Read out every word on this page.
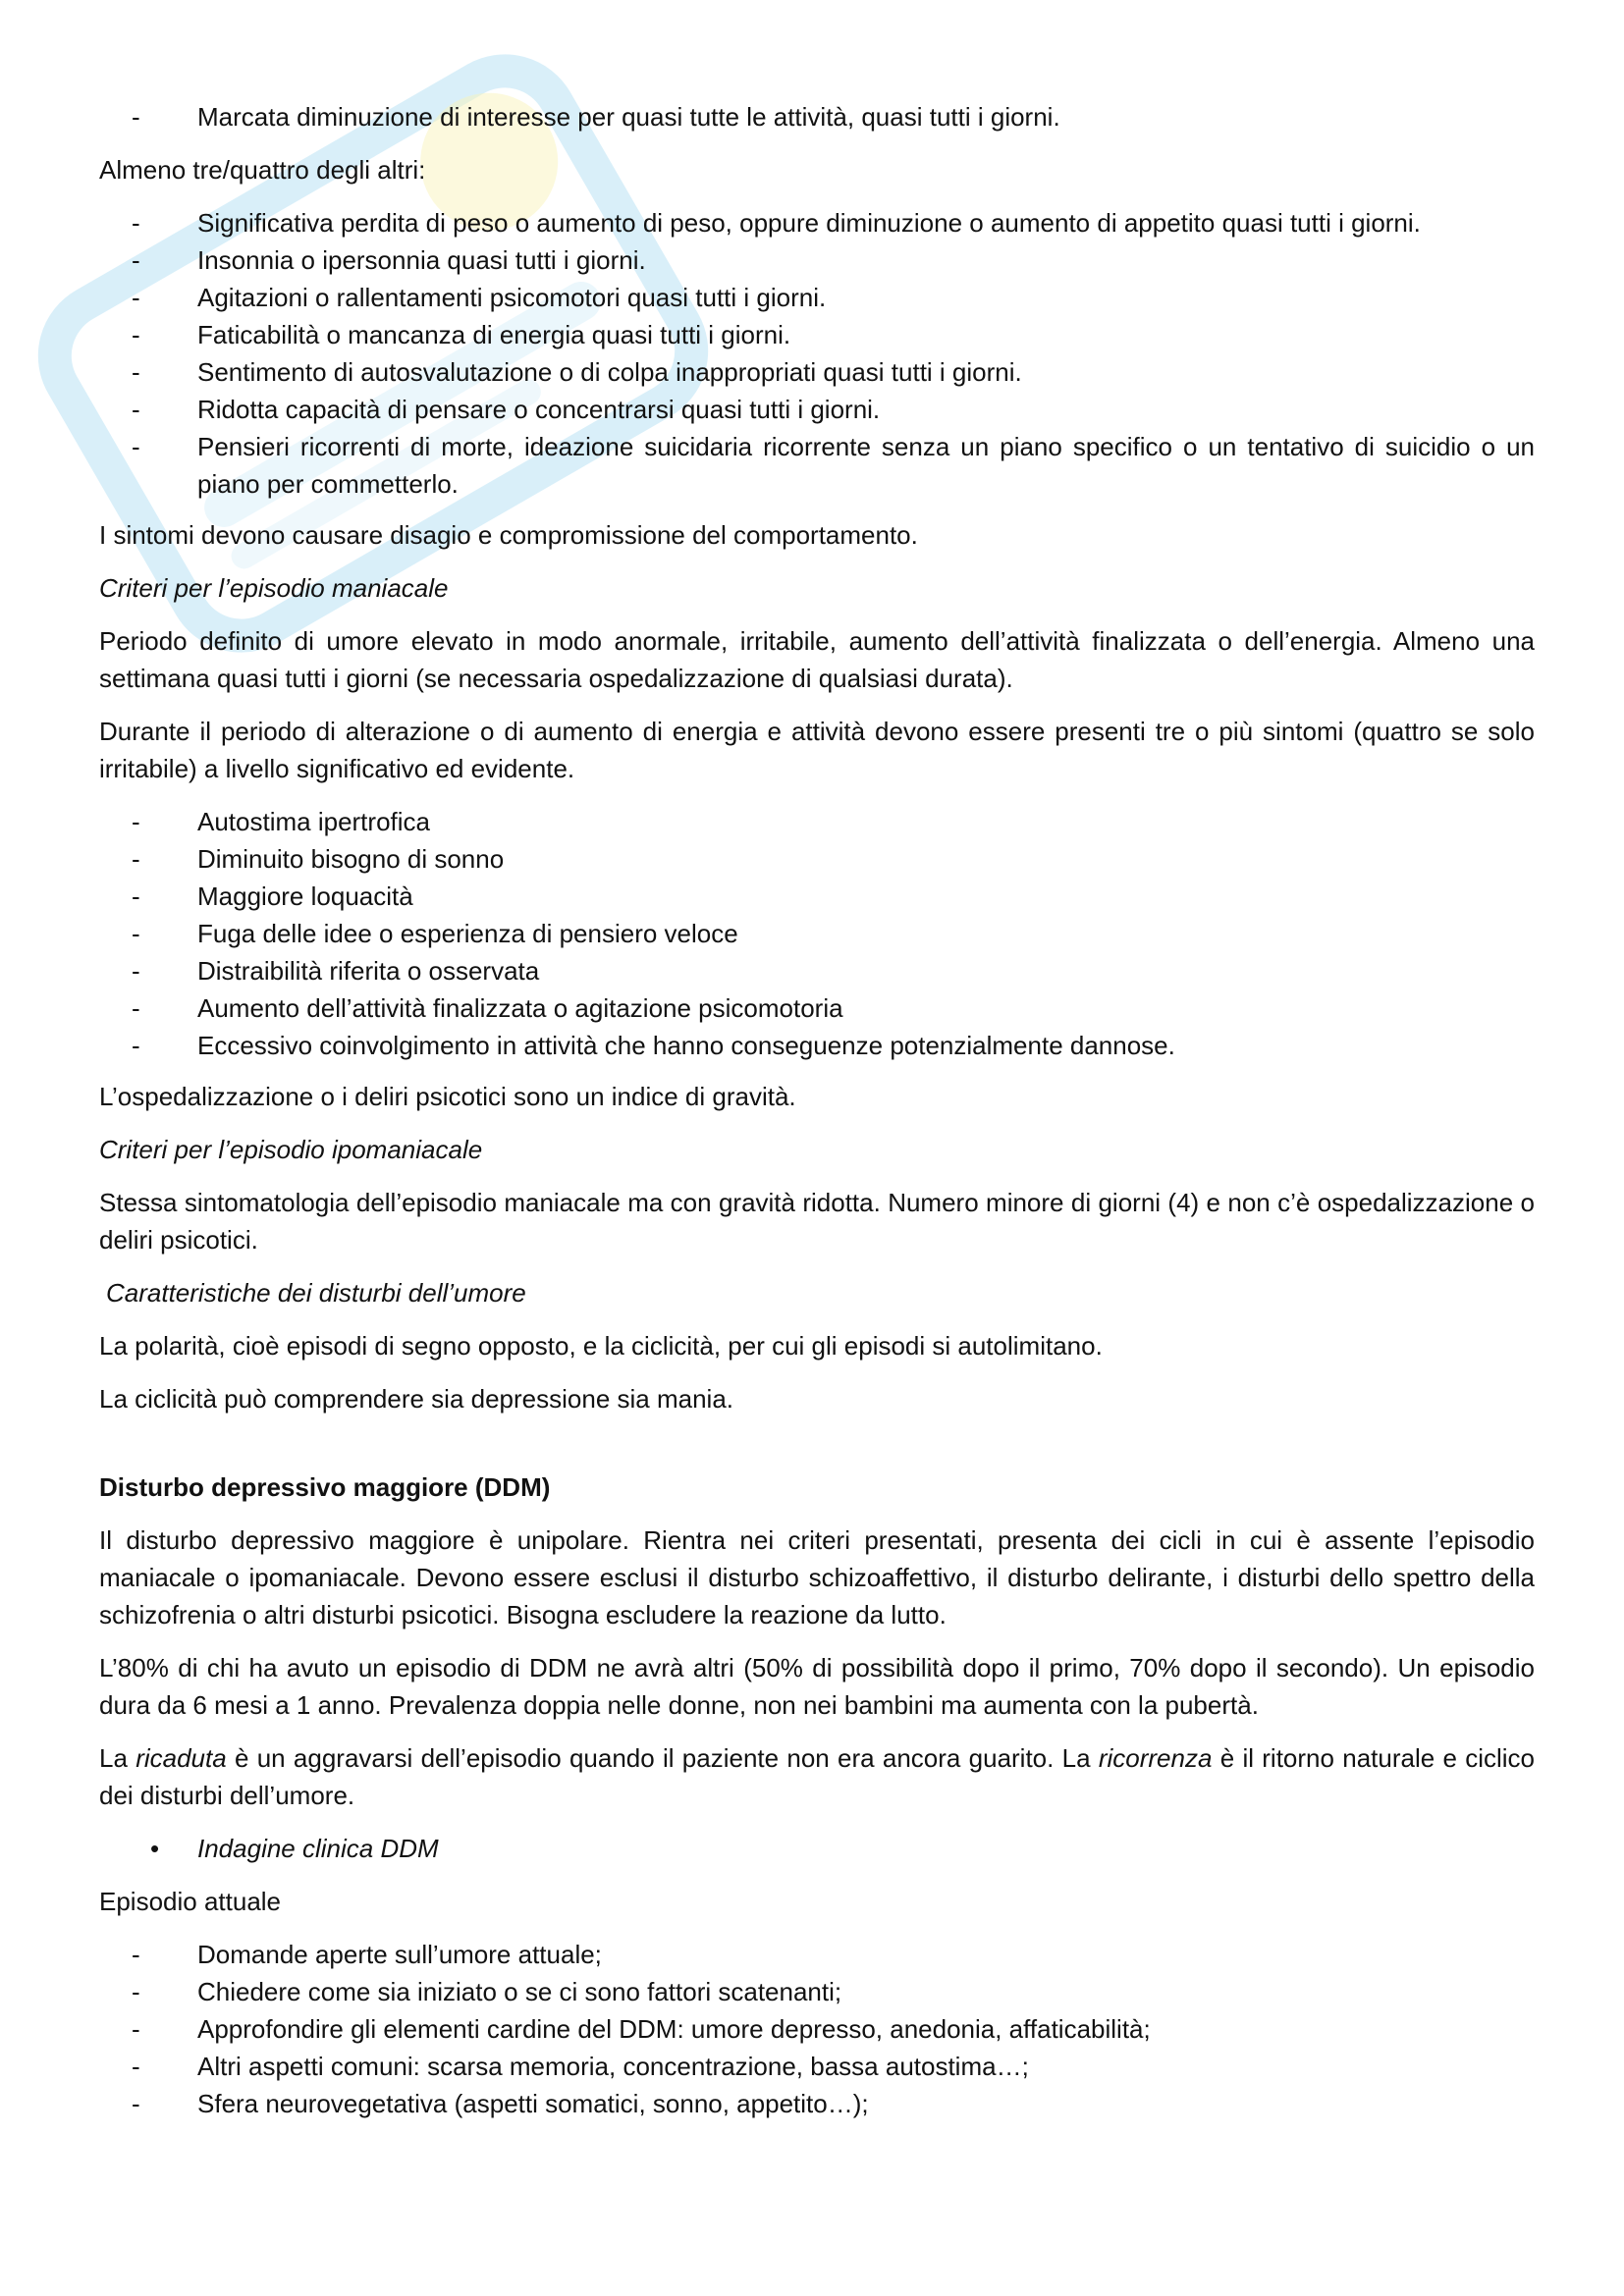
- Marcata diminuzione di interesse per quasi tutte le attività, quasi tutti i giorni.

Almeno tre/quattro degli altri:

- Significativa perdita di peso o aumento di peso, oppure diminuzione o aumento di appetito quasi tutti i giorni.
- Insonnia o ipersonnia quasi tutti i giorni.
- Agitazioni o rallentamenti psicomotori quasi tutti i giorni.
- Faticabilità o mancanza di energia quasi tutti i giorni.
- Sentimento di autosvalutazione o di colpa inappropriati quasi tutti i giorni.
- Ridotta capacità di pensare o concentrarsi quasi tutti i giorni.
- Pensieri ricorrenti di morte, ideazione suicidaria ricorrente senza un piano specifico o un tentativo di suicidio o un piano per commetterlo.

I sintomi devono causare disagio e compromissione del comportamento.

Criteri per l’episodio maniacale

Periodo definito di umore elevato in modo anormale, irritabile, aumento dell’attività finalizzata o dell’energia. Almeno una settimana quasi tutti i giorni (se necessaria ospedalizzazione di qualsiasi durata).

Durante il periodo di alterazione o di aumento di energia e attività devono essere presenti tre o più sintomi (quattro se solo irritabile) a livello significativo ed evidente.

- Autostima ipertrofica
- Diminuito bisogno di sonno
- Maggiore loquacità
- Fuga delle idee o esperienza di pensiero veloce
- Distraibilità riferita o osservata
- Aumento dell’attività finalizzata o agitazione psicomotoria
- Eccessivo coinvolgimento in attività che hanno conseguenze potenzialmente dannose.

L’ospedalizzazione o i deliri psicotici sono un indice di gravità.

Criteri per l’episodio ipomaniacale

Stessa sintomatologia dell’episodio maniacale ma con gravità ridotta. Numero minore di giorni (4) e non c’è ospedalizzazione o deliri psicotici.

Caratteristiche dei disturbi dell’umore

La polarità, cioè episodi di segno opposto, e la ciclicità, per cui gli episodi si autolimitano.

La ciclicità può comprendere sia depressione sia mania.

Disturbo depressivo maggiore (DDM)

Il disturbo depressivo maggiore è unipolare. Rientra nei criteri presentati, presenta dei cicli in cui è assente l’episodio maniacale o ipomaniacale. Devono essere esclusi il disturbo schizoaffettivo, il disturbo delirante, i disturbi dello spettro della schizofrenia o altri disturbi psicotici. Bisogna escludere la reazione da lutto.

L’80% di chi ha avuto un episodio di DDM ne avrà altri (50% di possibilità dopo il primo, 70% dopo il secondo). Un episodio dura da 6 mesi a 1 anno. Prevalenza doppia nelle donne, non nei bambini ma aumenta con la pubertà.

La ricaduta è un aggravarsi dell’episodio quando il paziente non era ancora guarito. La ricorrenza è il ritorno naturale e ciclico dei disturbi dell’umore.

• Indagine clinica DDM

Episodio attuale

- Domande aperte sull’umore attuale;
- Chiedere come sia iniziato o se ci sono fattori scatenanti;
- Approfondire gli elementi cardine del DDM: umore depresso, anedonia, affaticabilità;
- Altri aspetti comuni: scarsa memoria, concentrazione, bassa autostima…;
- Sfera neurovegetativa (aspetti somatici, sonno, appetito…);
